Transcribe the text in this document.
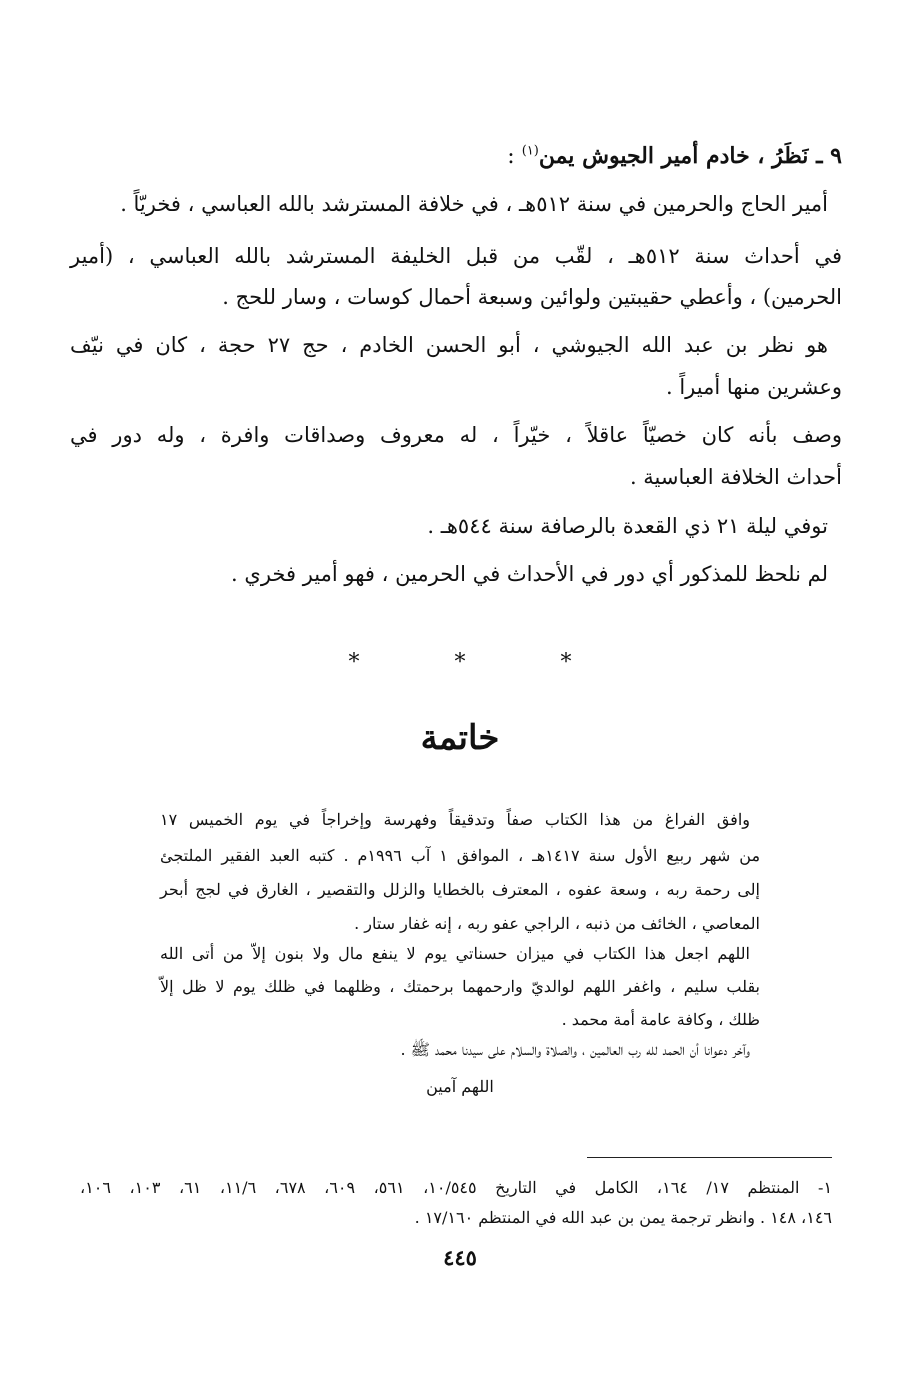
٩ ـ نَظَرُ ، خادم أمير الجيوش يمن$^{(١)}$ :
أمير الحاج والحرمين في سنة ٥١٢هـ ، في خلافة المسترشد بالله العباسي ، فخريّاً .
في أحداث سنة ٥١٢هـ ، لقّب من قبل الخليفة المسترشد بالله العباسي ، (أمير
الحرمين) ، وأعطي حقيبتين ولوائين وسبعة أحمال كوسات ، وسار للحج .
هو نظر بن عبد الله الجيوشي ، أبو الحسن الخادم ، حج ٢٧ حجة ، كان في نيّف
وعشرين منها أميراً .
وصف بأنه كان خصيّاً عاقلاً ، خيّراً ، له معروف وصداقات وافرة ، وله دور في
أحداث الخلافة العباسية .
توفي ليلة ٢١ ذي القعدة بالرصافة سنة ٥٤٤هـ .
لم نلحظ للمذكور أي دور في الأحداث في الحرمين ، فهو أمير فخري .
* * *
خاتمة
وافق الفراغ من هذا الكتاب صفاً وتدقيقاً وفهرسة وإخراجاً في يوم الخميس ١٧
من شهر ربيع الأول سنة ١٤١٧هـ ، الموافق ١ آب ١٩٩٦م . كتبه العبد الفقير الملتجئ
إلى رحمة ربه ، وسعة عفوه ، المعترف بالخطايا والزلل والتقصير ، الغارق في لجج أبحر
المعاصي ، الخائف من ذنبه ، الراجي عفو ربه ، إنه غفار ستار .
اللهم اجعل هذا الكتاب في ميزان حسناتي يوم لا ينفع مال ولا بنون إلاّ من أتى الله
بقلب سليم ، واغفر اللهم لوالديّ وارحمهما برحمتك ، وظلهما في ظلك يوم لا ظل إلاّ
ظلك ، وكافة عامة أمة محمد .
وآخر دعوانا أن الحمد لله رب العالمين ، والصلاة والسلام على سيدنا محمد ﷺ .
اللهم آمين
١- المنتظم ١٧/ ١٦٤، الكامل في التاريخ ١٠/٥٤٥، ٥٦١، ٦٠٩، ٦٧٨، ١١/٦، ٦١، ١٠٣، ١٠٦،
١٤٦، ١٤٨ . وانظر ترجمة يمن بن عبد الله في المنتظم ١٧/١٦٠ .
٤٤٥
